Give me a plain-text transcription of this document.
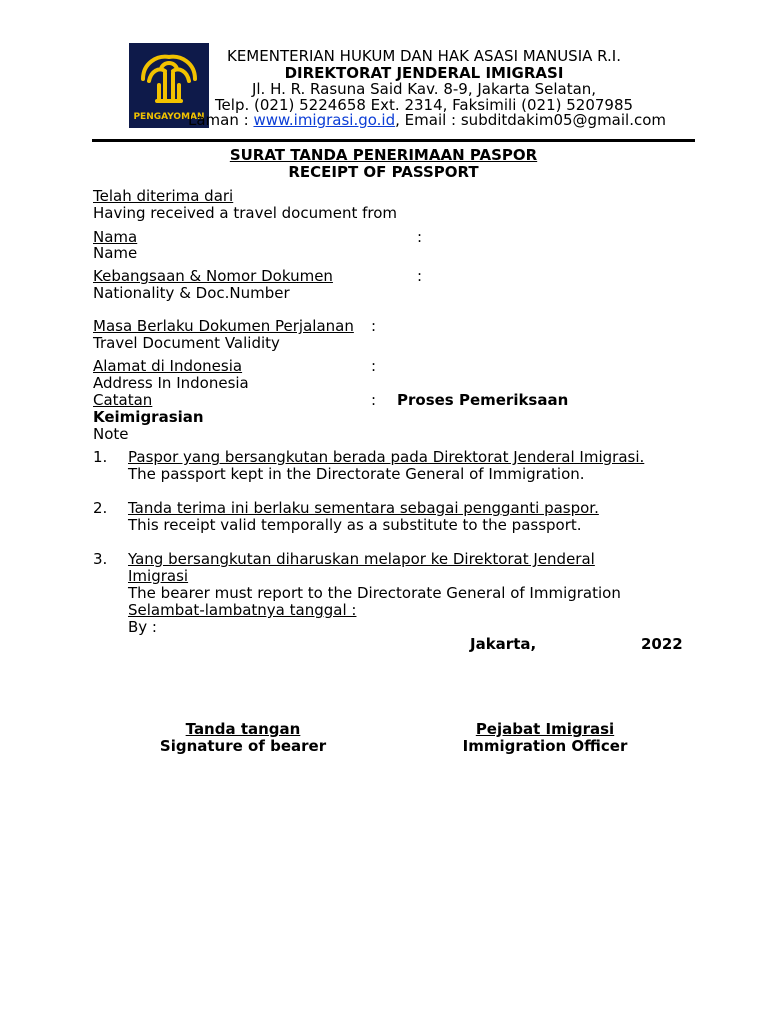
PENGAYOMAN
KEMENTERIAN HUKUM DAN HAK ASASI MANUSIA R.I.
DIREKTORAT JENDERAL IMIGRASI
Jl. H. R. Rasuna Said Kav. 8-9, Jakarta Selatan,
Telp. (021) 5224658 Ext. 2314, Faksimili (021) 5207985
Laman : www.imigrasi.go.id, Email : subditdakim05@gmail.com
SURAT TANDA PENERIMAAN PASPOR
RECEIPT OF PASSPORT
Telah diterima dari
Having received a travel document from
Nama	:
Name
Kebangsaan & Nomor Dokumen	:
Nationality & Doc.Number
Masa Berlaku Dokumen Perjalanan :
Travel Document Validity
Alamat di Indonesia	:
Address In Indonesia
Catatan	: Proses Pemeriksaan
Keimigrasian
Note
1. Paspor yang bersangkutan berada pada Direktorat Jenderal Imigrasi.
The passport kept in the Directorate General of Immigration.
2. Tanda terima ini berlaku sementara sebagai pengganti paspor.
This receipt valid temporally as a substitute to the passport.
3. Yang bersangkutan diharuskan melapor ke Direktorat Jenderal
Imigrasi
The bearer must report to the Directorate General of Immigration
Selambat-lambatnya tanggal :
By :
Jakarta,	2022
Tanda tangan
Signature of bearer
Pejabat Imigrasi
Immigration Officer
